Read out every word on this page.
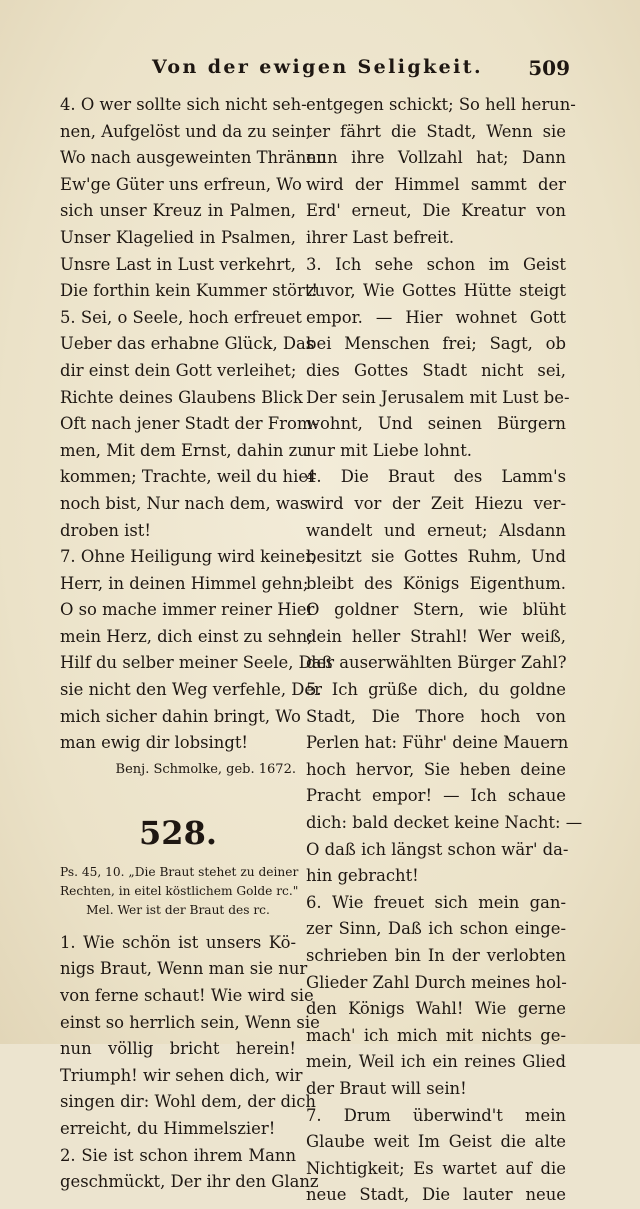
Von der ewigen Seligkeit. 509
4. O wer sollte sich nicht seh-
nen, Aufgelöst und da zu sein,
Wo nach ausgeweinten Thränen
Ew'ge Güter uns erfreun, Wo
sich unser Kreuz in Palmen,
Unser Klagelied in Psalmen,
Unsre Last in Lust verkehrt,
Die forthin kein Kummer stört!
5. Sei, o Seele, hoch erfreuet
Ueber das erhabne Glück, Das
dir einst dein Gott verleihet;
Richte deines Glaubens Blick
Oft nach jener Stadt der From-
men, Mit dem Ernst, dahin zu
kommen; Trachte, weil du hier
noch bist, Nur nach dem, was
droben ist!
7. Ohne Heiligung wird keiner,
Herr, in deinen Himmel gehn;
O so mache immer reiner Hier
mein Herz, dich einst zu sehn;
Hilf du selber meiner Seele, Daß
sie nicht den Weg verfehle, Der
mich sicher dahin bringt, Wo
man ewig dir lobsingt!
Benj. Schmolke, geb. 1672.
528.
Ps. 45, 10. „Die Braut stehet zu deiner
Rechten, in eitel köstlichem Golde rc."
Mel. Wer ist der Braut des rc.
1. Wie schön ist unsers Kö-
nigs Braut, Wenn man sie nur
von ferne schaut! Wie wird sie
einst so herrlich sein, Wenn sie
nun völlig bricht herein!
Triumph! wir sehen dich, wir
singen dir: Wohl dem, der dich
erreicht, du Himmelszier!
2. Sie ist schon ihrem Mann
geschmückt, Der ihr den Glanz
entgegen schickt; So hell herun-
ter fährt die Stadt, Wenn sie
nun ihre Vollzahl hat; Dann
wird der Himmel sammt der
Erd' erneut, Die Kreatur von
ihrer Last befreit.
3. Ich sehe schon im Geist
zuvor, Wie Gottes Hütte steigt
empor. — Hier wohnet Gott
bei Menschen frei; Sagt, ob
dies Gottes Stadt nicht sei,
Der sein Jerusalem mit Lust be-
wohnt, Und seinen Bürgern
nur mit Liebe lohnt.
4. Die Braut des Lamm's
wird vor der Zeit Hiezu ver-
wandelt und erneut; Alsdann
besitzt sie Gottes Ruhm, Und
bleibt des Königs Eigenthum.
O goldner Stern, wie blüht
dein heller Strahl! Wer weiß,
der auserwählten Bürger Zahl?
5. Ich grüße dich, du goldne
Stadt, Die Thore hoch von
Perlen hat: Führ' deine Mauern
hoch hervor, Sie heben deine
Pracht empor! — Ich schaue
dich: bald decket keine Nacht: —
O daß ich längst schon wär' da-
hin gebracht!
6. Wie freuet sich mein gan-
zer Sinn, Daß ich schon einge-
schrieben bin In der verlobten
Glieder Zahl Durch meines hol-
den Königs Wahl! Wie gerne
mach' ich mich mit nichts ge-
mein, Weil ich ein reines Glied
der Braut will sein!
7. Drum überwind't mein
Glaube weit Im Geist die alte
Nichtigkeit; Es wartet auf die
neue Stadt, Die lauter neue
